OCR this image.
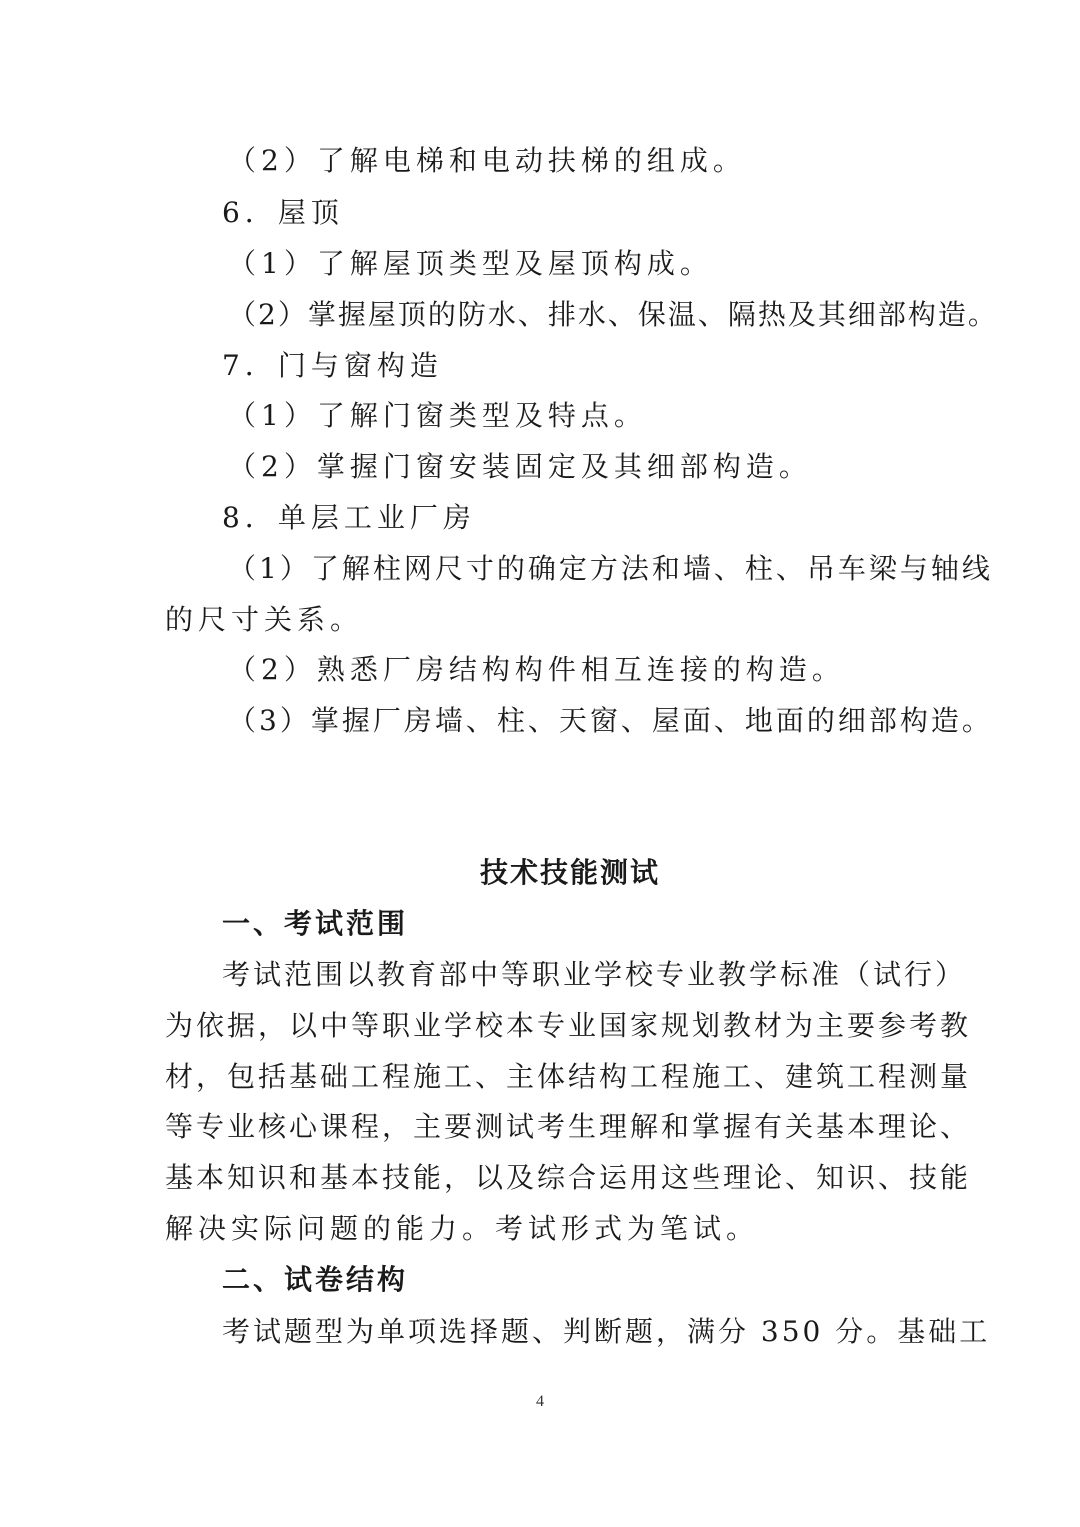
（2）了解电梯和电动扶梯的组成。
6．屋顶
（1）了解屋顶类型及屋顶构成。
（2）掌握屋顶的防水、排水、保温、隔热及其细部构造。
7．门与窗构造
（1）了解门窗类型及特点。
（2）掌握门窗安装固定及其细部构造。
8．单层工业厂房
（1）了解柱网尺寸的确定方法和墙、柱、吊车梁与轴线
的尺寸关系。
（2）熟悉厂房结构构件相互连接的构造。
（3）掌握厂房墙、柱、天窗、屋面、地面的细部构造。
技术技能测试
一、考试范围
考试范围以教育部中等职业学校专业教学标准（试行）
为依据，以中等职业学校本专业国家规划教材为主要参考教
材，包括基础工程施工、主体结构工程施工、建筑工程测量
等专业核心课程，主要测试考生理解和掌握有关基本理论、
基本知识和基本技能，以及综合运用这些理论、知识、技能
解决实际问题的能力。考试形式为笔试。
二、试卷结构
考试题型为单项选择题、判断题，满分 350 分。基础工
4
